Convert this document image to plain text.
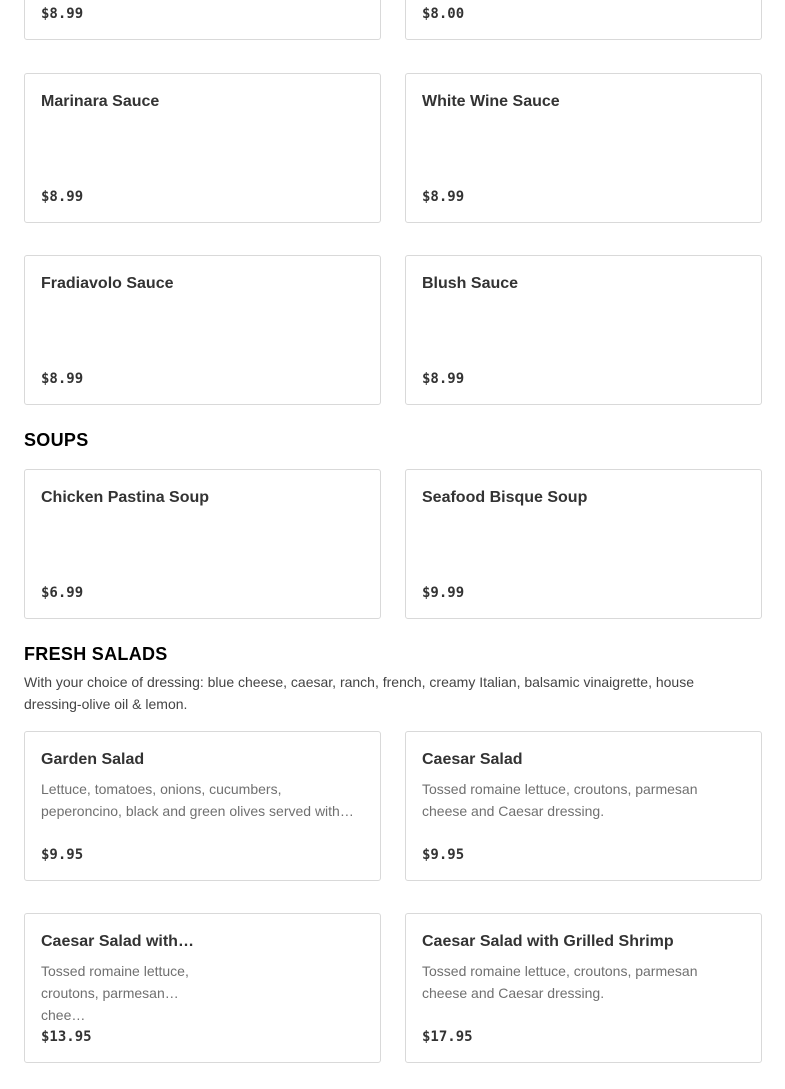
$8.99	$8.00
Marinara Sauce
$8.99
White Wine Sauce
$8.99
Fradiavolo Sauce
$8.99
Blush Sauce
$8.99
SOUPS
Chicken Pastina Soup
$6.99
Seafood Bisque Soup
$9.99
FRESH SALADS
With your choice of dressing: blue cheese, caesar, ranch, french, creamy Italian, balsamic vinaigrette, house dressing-olive oil & lemon.
Garden Salad
Lettuce, tomatoes, onions, cucumbers, peperoncino, black and green olives served with…
$9.95
Caesar Salad
Tossed romaine lettuce, croutons, parmesan cheese and Caesar dressing.
$9.95
Caesar Salad with…
Tossed romaine lettuce, croutons, parmesan chee…
$13.95
Caesar Salad with Grilled Shrimp
Tossed romaine lettuce, croutons, parmesan cheese and Caesar dressing.
$17.95
